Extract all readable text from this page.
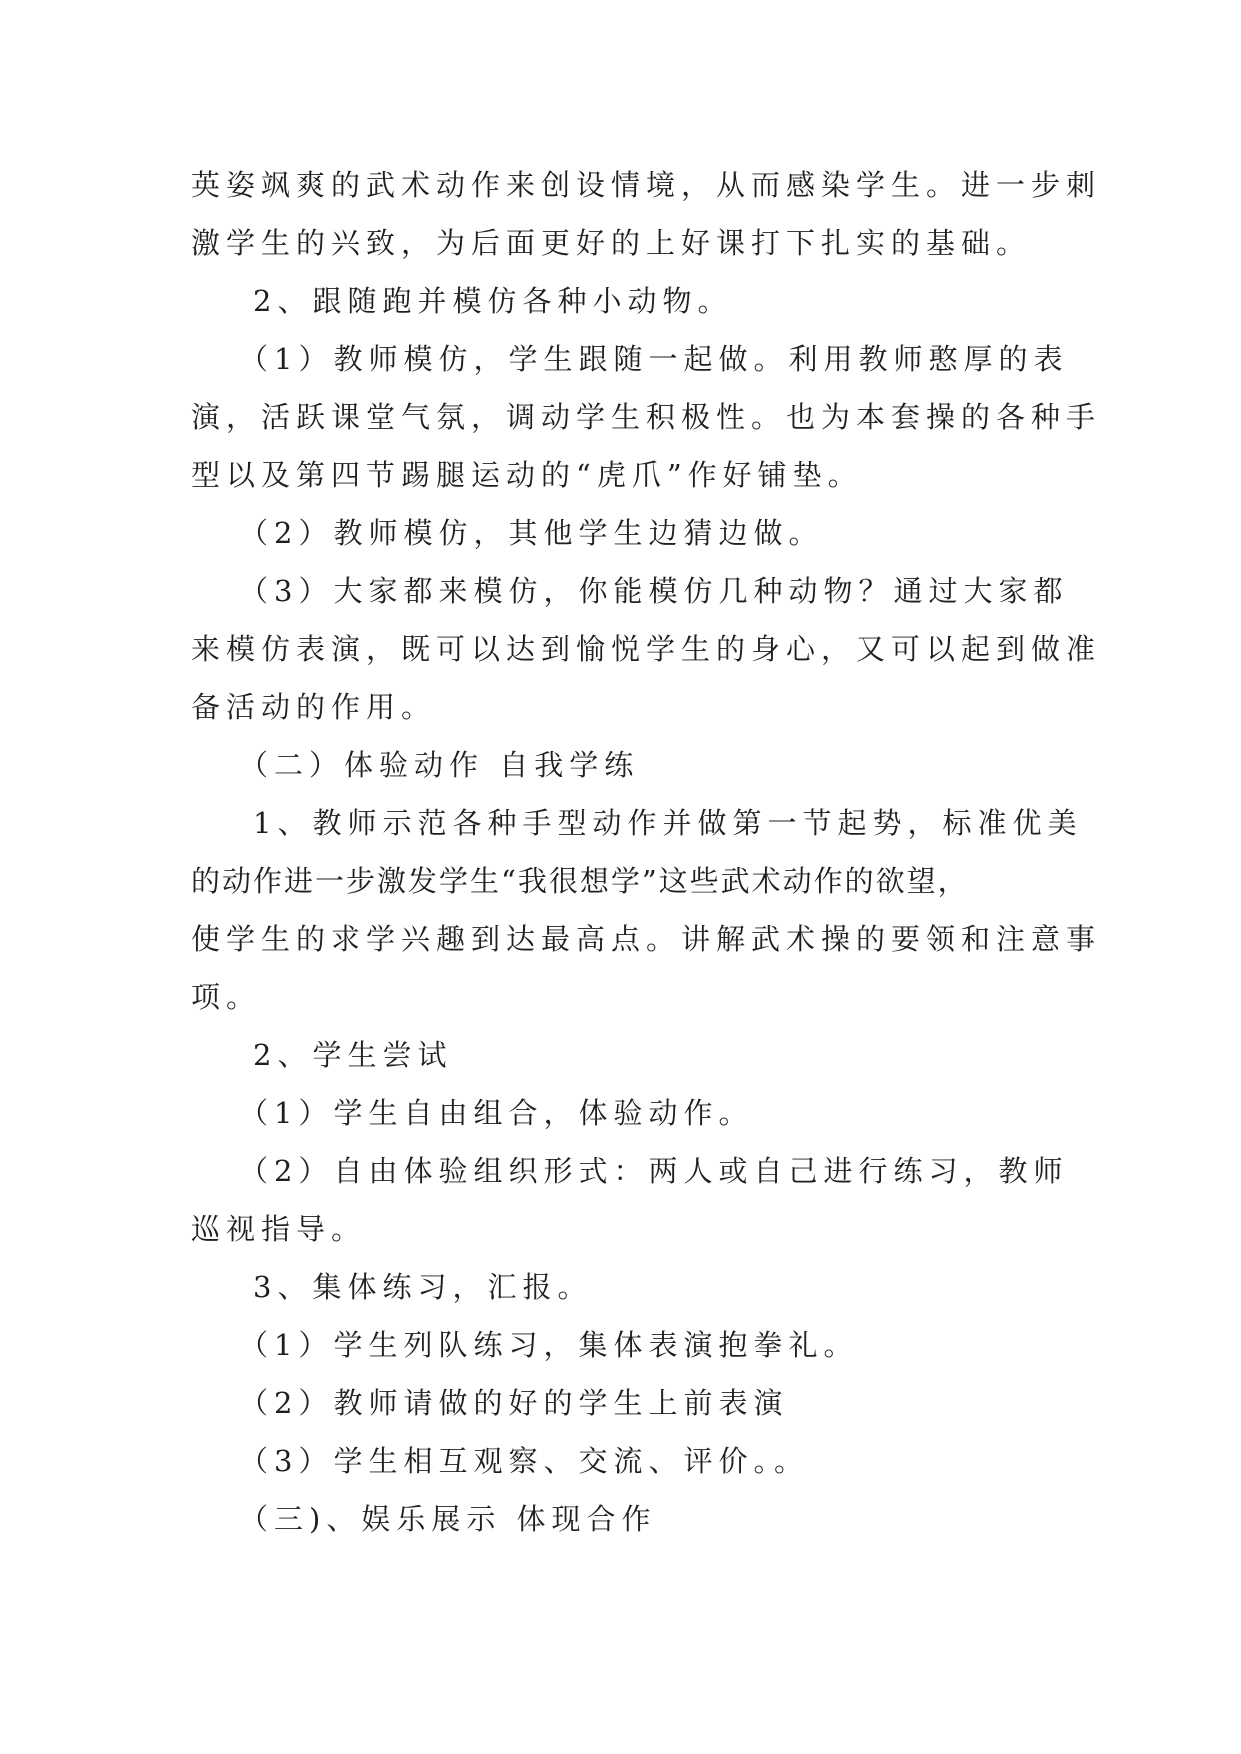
英姿飒爽的武术动作来创设情境，从而感染学生。进一步刺
激学生的兴致，为后面更好的上好课打下扎实的基础。
2、跟随跑并模仿各种小动物。
（1）教师模仿，学生跟随一起做。利用教师憨厚的表
演，活跃课堂气氛，调动学生积极性。也为本套操的各种手
型以及第四节踢腿运动的“虎爪”作好铺垫。
（2）教师模仿，其他学生边猜边做。
（3）大家都来模仿，你能模仿几种动物？通过大家都
来模仿表演，既可以达到愉悦学生的身心，又可以起到做准
备活动的作用。
（二）体验动作 自我学练
1、教师示范各种手型动作并做第一节起势，标准优美
的动作进一步激发学生“我很想学”这些武术动作的欲望，
使学生的求学兴趣到达最高点。讲解武术操的要领和注意事
项。
2、学生尝试
（1）学生自由组合，体验动作。
（2）自由体验组织形式：两人或自己进行练习，教师
巡视指导。
3、集体练习，汇报。
（1）学生列队练习，集体表演抱拳礼。
（2）教师请做的好的学生上前表演
（3）学生相互观察、交流、评价。。
（三)、娱乐展示 体现合作
